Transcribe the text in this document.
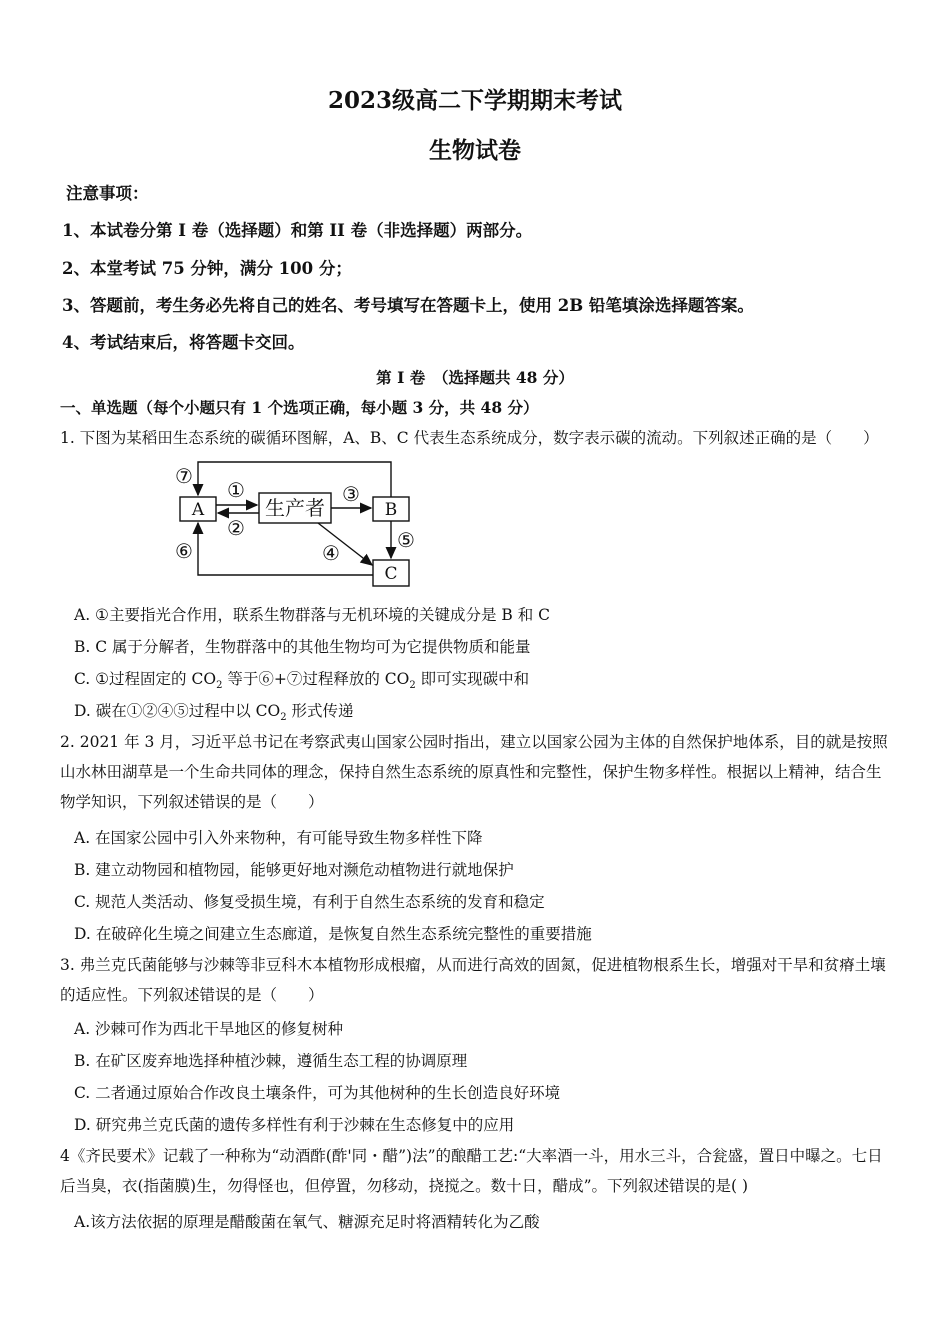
2023级高二下学期期末考试
生物试卷
注意事项：
1、本试卷分第 I 卷（选择题）和第 II 卷（非选择题）两部分。
2、本堂考试 75 分钟，满分 100 分；
3、答题前，考生务必先将自己的姓名、考号填写在答题卡上，使用 2B 铅笔填涂选择题答案。
4、考试结束后，将答题卡交回。
第 I 卷　（选择题共 48 分）
一、单选题（每个小题只有 1 个选项正确，每小题 3 分，共 48 分）
1. 下图为某稻田生态系统的碳循环图解，A、B、C 代表生态系统成分，数字表示碳的流动。下列叙述正确的是（　　）
A	生产者	B
C
①
②
③
④
⑤
⑥
⑦
A. ①主要指光合作用，联系生物群落与无机环境的关键成分是 B 和 C
B. C 属于分解者，生物群落中的其他生物均可为它提供物质和能量
C. ①过程固定的 $CO_2$ 等于⑥+⑦过程释放的 $CO_2$ 即可实现碳中和
D. 碳在①②④⑤过程中以 $CO_2$ 形式传递
2. 2021 年 3 月，习近平总书记在考察武夷山国家公园时指出，建立以国家公园为主体的自然保护地体系，目的就是按照山水林田湖草是一个生命共同体的理念，保持自然生态系统的原真性和完整性，保护生物多样性。根据以上精神，结合生物学知识，下列叙述错误的是（　　）
A. 在国家公园中引入外来物种，有可能导致生物多样性下降
B. 建立动物园和植物园，能够更好地对濒危动植物进行就地保护
C. 规范人类活动、修复受损生境，有利于自然生态系统的发育和稳定
D. 在破碎化生境之间建立生态廊道，是恢复自然生态系统完整性的重要措施
3. 弗兰克氏菌能够与沙棘等非豆科木本植物形成根瘤，从而进行高效的固氮，促进植物根系生长，增强对干旱和贫瘠土壤的适应性。下列叙述错误的是（　　）
A. 沙棘可作为西北干旱地区的修复树种
B. 在矿区废弃地选择种植沙棘，遵循生态工程的协调原理
C. 二者通过原始合作改良土壤条件，可为其他树种的生长创造良好环境
D. 研究弗兰克氏菌的遗传多样性有利于沙棘在生态修复中的应用
4《齐民要术》记载了一种称为“动酒酢(酢'同・醋”)法”的酿醋工艺:“大率酒一斗，用水三斗，合瓮盛，置日中曝之。七日后当臭，衣(指菌膜)生，勿得怪也，但停置，勿移动，挠搅之。数十日，醋成”。下列叙述错误的是( )
A.该方法依据的原理是醋酸菌在氧气、糖源充足时将酒精转化为乙酸
